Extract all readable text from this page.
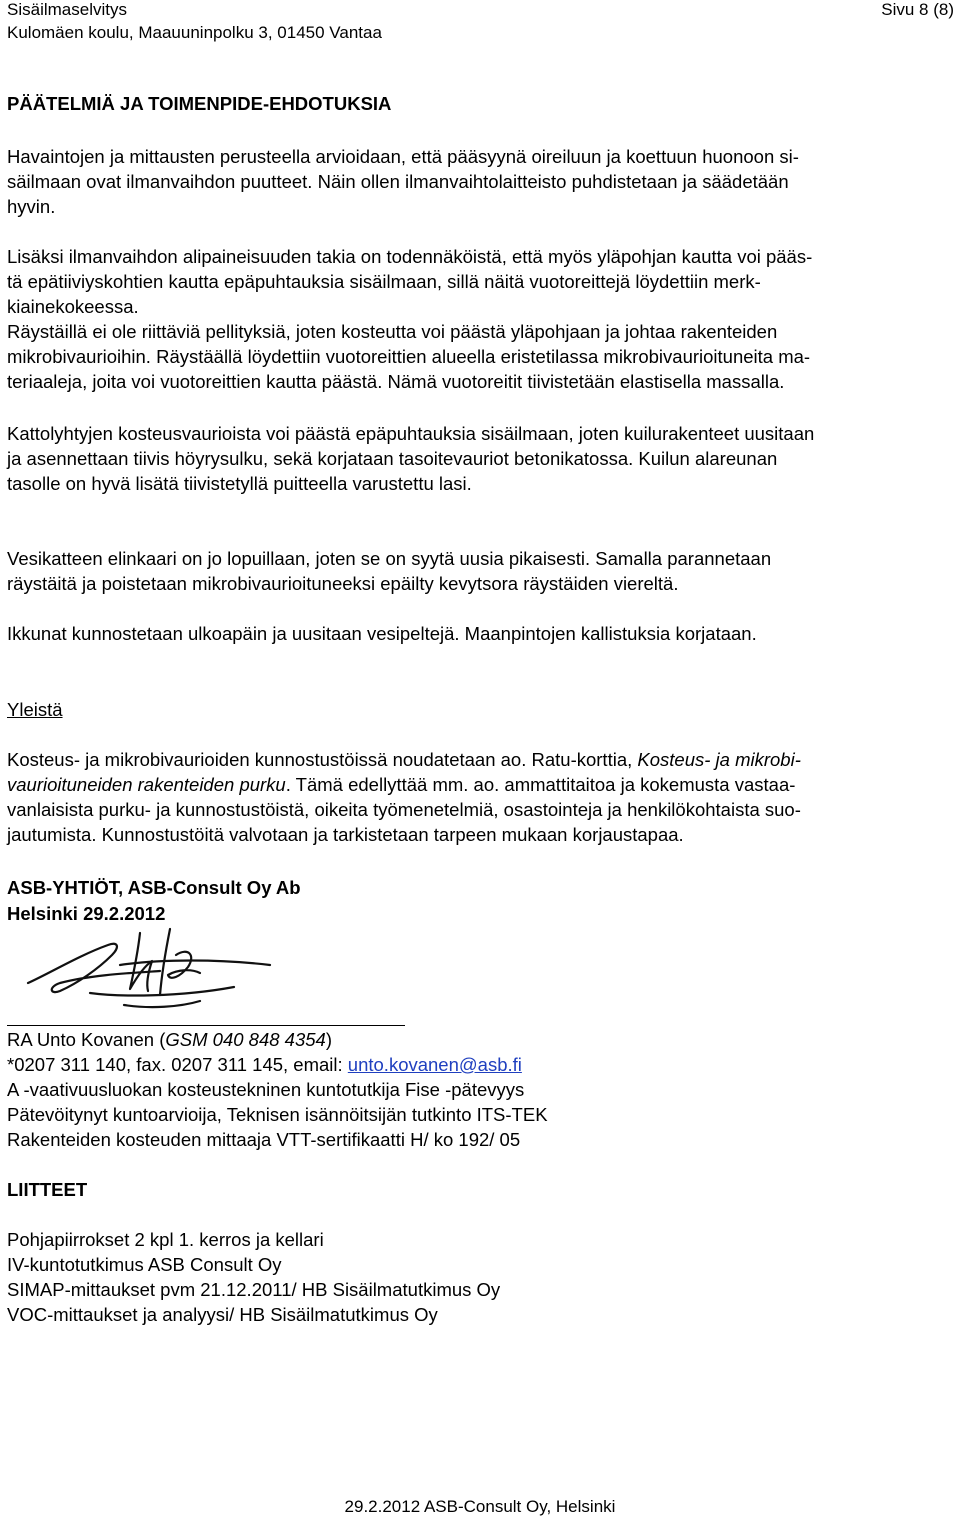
Sisäilmaselvitys
Kulomäen koulu, Maauuninpolku 3, 01450 Vantaa
Sivu 8 (8)
PÄÄTELMIÄ JA TOIMENPIDE-EHDOTUKSIA

Havaintojen ja mittausten perusteella arvioidaan, että pääsyynä oireiluun ja koettuun huonoon si-

säilmaan ovat ilmanvaihdon puutteet. Näin ollen ilmanvaihtolaitteisto puhdistetaan ja säädetään

hyvin.

Lisäksi ilmanvaihdon alipaineisuuden takia on todennäköistä, että myös yläpohjan kautta voi pääs-

tä epätiiviyskohtien kautta epäpuhtauksia sisäilmaan, sillä näitä vuotoreittejä löydettiin merk-

kiainekokeessa.

Räystäillä ei ole riittäviä pellityksiä, joten kosteutta voi päästä yläpohjaan ja johtaa rakenteiden

mikrobivaurioihin. Räystäällä löydettiin vuotoreittien alueella eristetilassa mikrobivaurioituneita ma-

teriaaleja, joita voi vuotoreittien kautta päästä. Nämä vuotoreitit tiivistetään elastisella massalla.

Kattolyhtyjen kosteusvaurioista voi päästä epäpuhtauksia sisäilmaan, joten kuilurakenteet uusitaan

ja asennettaan tiivis höyrysulku, sekä korjataan tasoitevauriot betonikatossa. Kuilun alareunan

tasolle on hyvä lisätä tiivistetyllä puitteella varustettu lasi.

Vesikatteen elinkaari on jo lopuillaan, joten se on syytä uusia pikaisesti. Samalla parannetaan

räystäitä ja poistetaan mikrobivaurioituneeksi epäilty kevytsora räystäiden viereltä.

Ikkunat kunnostetaan ulkoapäin ja uusitaan vesipeltejä. Maanpintojen kallistuksia korjataan.

Yleistä

Kosteus- ja mikrobivaurioiden kunnostustöissä noudatetaan ao. Ratu-korttia, Kosteus- ja mikrobi-

vaurioituneiden rakenteiden purku. Tämä edellyttää mm. ao. ammattitaitoa ja kokemusta vastaa-

vanlaisista purku- ja kunnostustöistä, oikeita työmenetelmiä, osastointeja ja henkilökohtaista suo-

jautumista. Kunnostustöitä valvotaan ja tarkistetaan tarpeen mukaan korjaustapaa.

ASB-YHTIÖT, ASB-Consult Oy Ab
Helsinki 29.2.2012

RA Unto Kovanen (GSM 040 848 4354)

*0207 311 140, fax. 0207 311 145, email: unto.kovanen@asb.fi

A -vaativuusluokan kosteustekninen kuntotutkija Fise -pätevyys

Pätevöitynyt kuntoarvioija, Teknisen isännöitsijän tutkinto ITS-TEK

Rakenteiden kosteuden mittaaja VTT-sertifikaatti H/ ko 192/ 05

LIITTEET

Pohjapiirrokset 2 kpl 1. kerros ja kellari

IV-kuntotutkimus ASB Consult Oy

SIMAP-mittaukset pvm 21.12.2011/ HB Sisäilmatutkimus Oy

VOC-mittaukset ja analyysi/ HB Sisäilmatutkimus Oy

29.2.2012 ASB-Consult Oy, Helsinki
